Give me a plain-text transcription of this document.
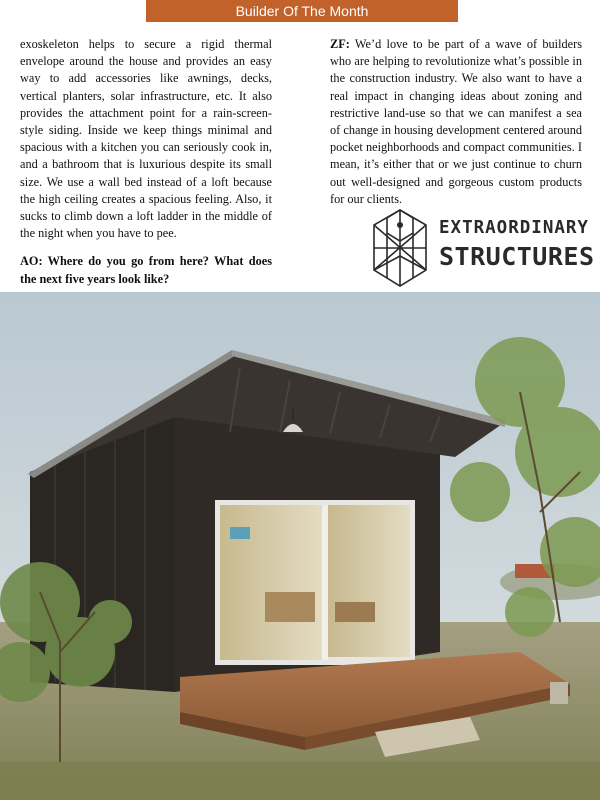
Builder Of The Month

exoskeleton helps to secure a rigid thermal envelope around the house and provides an easy way to add accessories like awnings, decks, vertical planters, solar infrastructure, etc. It also provides the attachment point for a rain-screen-style siding. Inside we keep things minimal and spacious with a kitchen you can seriously cook in, and a bathroom that is luxurious despite its small size. We use a wall bed instead of a loft because the high ceiling creates a spacious feeling. Also, it sucks to climb down a loft ladder in the middle of the night when you have to pee.

AO: Where do you go from here? What does the next five years look like?

ZF: We’d love to be part of a wave of builders who are helping to revolutionize what’s possible in the construction industry. We also want to have a real impact in changing ideas about zoning and restrictive land-use so that we can manifest a sea of change in housing development centered around pocket neighborhoods and compact communities. I mean, it’s either that or we just continue to churn out well-designed and gorgeous custom products for our clients.

EXTRAORDINARY
STRUCTURES
